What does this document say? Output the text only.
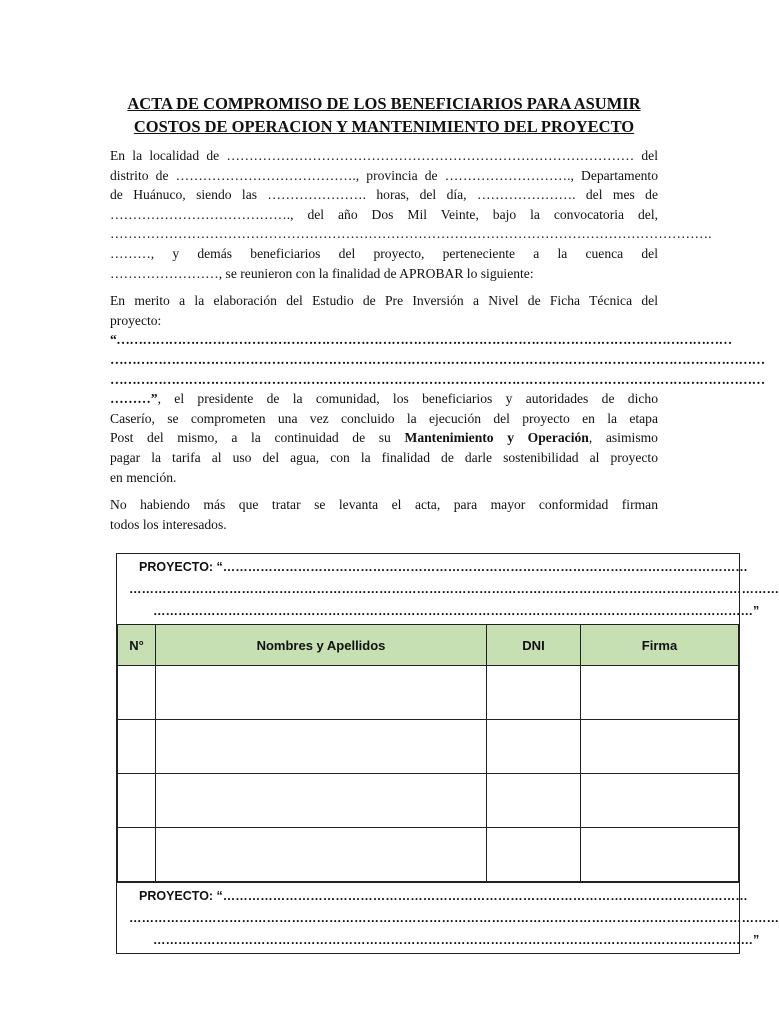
ACTA DE COMPROMISO DE LOS BENEFICIARIOS PARA ASUMIR
COSTOS DE OPERACION Y MANTENIMIENTO DEL PROYECTO
En la localidad de ……………………………………………………………………………… del
distrito de …………………………………., provincia de ………………………., Departamento
de Huánuco, siendo las …………………. horas, del día, …………………. del mes de
…………………………………., del año Dos Mil Veinte, bajo la convocatoria del,
…………………………………………………………………………………………………………………….
………, y demás beneficiarios del proyecto, perteneciente a la cuenca del
……………………, se reunieron con la finalidad de APROBAR lo siguiente:
En merito a la elaboración del Estudio de Pre Inversión a Nivel de Ficha Técnica del
proyecto:
“……………………………………………………………………………………………………………………………
……………………………………………………………………………………………………………………………………
……………………………………………………………………………………………………………………………………
………”, el presidente de la comunidad, los beneficiarios y autoridades de dicho
Caserío, se comprometen una vez concluido la ejecución del proyecto en la etapa
Post del mismo, a la continuidad de su Mantenimiento y Operación, asimismo
pagar la tarifa al uso del agua, con la finalidad de darle sostenibilidad al proyecto
en mención.
No habiendo más que tratar se levanta el acta, para mayor conformidad firman
todos los interesados.
PROYECTO: “………………………………………………………………………………………………………………
…………………………………………………………………………………………………………………………………………
………………………………………………………………………………………………………………………………”
N°	Nombres y Apellidos	DNI	Firma

PROYECTO: “………………………………………………………………………………………………………………
…………………………………………………………………………………………………………………………………………
………………………………………………………………………………………………………………………………”
